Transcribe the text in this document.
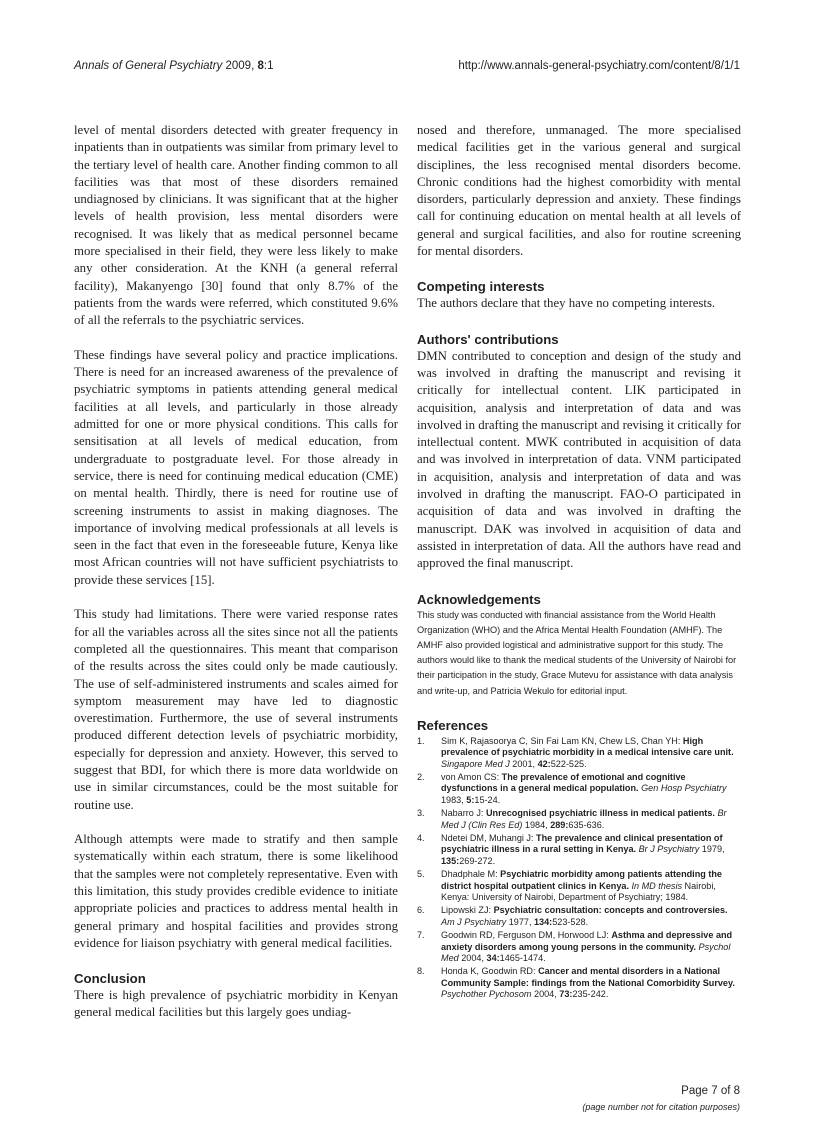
Annals of General Psychiatry 2009, 8:1	http://www.annals-general-psychiatry.com/content/8/1/1

level of mental disorders detected with greater frequency in inpatients than in outpatients was similar from primary level to the tertiary level of health care. Another finding common to all facilities was that most of these disorders remained undiagnosed by clinicians. It was significant that at the higher levels of health provision, less mental disorders were recognised. It was likely that as medical personnel became more specialised in their field, they were less likely to make any other consideration. At the KNH (a general referral facility), Makanyengo [30] found that only 8.7% of the patients from the wards were referred, which constituted 9.6% of all the referrals to the psychiatric services.

These findings have several policy and practice implications. There is need for an increased awareness of the prevalence of psychiatric symptoms in patients attending general medical facilities at all levels, and particularly in those already admitted for one or more physical conditions. This calls for sensitisation at all levels of medical education, from undergraduate to postgraduate level. For those already in service, there is need for continuing medical education (CME) on mental health. Thirdly, there is need for routine use of screening instruments to assist in making diagnoses. The importance of involving medical professionals at all levels is seen in the fact that even in the foreseeable future, Kenya like most African countries will not have sufficient psychiatrists to provide these services [15].

This study had limitations. There were varied response rates for all the variables across all the sites since not all the patients completed all the questionnaires. This meant that comparison of the results across the sites could only be made cautiously. The use of self-administered instruments and scales aimed for symptom measurement may have led to diagnostic overestimation. Furthermore, the use of several instruments produced different detection levels of psychiatric morbidity, especially for depression and anxiety. However, this served to suggest that BDI, for which there is more data worldwide on use in similar circumstances, could be the most suitable for routine use.

Although attempts were made to stratify and then sample systematically within each stratum, there is some likelihood that the samples were not completely representative. Even with this limitation, this study provides credible evidence to initiate appropriate policies and practices to address mental health in general primary and hospital facilities and provides strong evidence for liaison psychiatry with general medical facilities.

Conclusion

There is high prevalence of psychiatric morbidity in Kenyan general medical facilities but this largely goes undiag-

nosed and therefore, unmanaged. The more specialised medical facilities get in the various general and surgical disciplines, the less recognised mental disorders become. Chronic conditions had the highest comorbidity with mental disorders, particularly depression and anxiety. These findings call for continuing education on mental health at all levels of general and surgical facilities, and also for routine screening for mental disorders.
Competing interests
The authors declare that they have no competing interests.
Authors' contributions
DMN contributed to conception and design of the study and was involved in drafting the manuscript and revising it critically for intellectual content. LIK participated in acquisition, analysis and interpretation of data and was involved in drafting the manuscript and revising it critically for intellectual content. MWK contributed in acquisition of data and was involved in interpretation of data. VNM participated in acquisition, analysis and interpretation of data and was involved in drafting the manuscript. FAO-O participated in acquisition of data and was involved in drafting the manuscript. DAK was involved in acquisition of data and assisted in interpretation of data. All the authors have read and approved the final manuscript.
Acknowledgements
This study was conducted with financial assistance from the World Health Organization (WHO) and the Africa Mental Health Foundation (AMHF). The AMHF also provided logistical and administrative support for this study. The authors would like to thank the medical students of the University of Nairobi for their participation in the study, Grace Mutevu for assistance with data analysis and write-up, and Patricia Wekulo for editorial input.
References
1. Sim K, Rajasoorya C, Sin Fai Lam KN, Chew LS, Chan YH: High prevalence of psychiatric morbidity in a medical intensive care unit. Singapore Med J 2001, 42:522-525.
2. von Amon CS: The prevalence of emotional and cognitive dysfunctions in a general medical population. Gen Hosp Psychiatry 1983, 5:15-24.
3. Nabarro J: Unrecognised psychiatric illness in medical patients. Br Med J (Clin Res Ed) 1984, 289:635-636.
4. Ndetei DM, Muhangi J: The prevalence and clinical presentation of psychiatric illness in a rural setting in Kenya. Br J Psychiatry 1979, 135:269-272.
5. Dhadphale M: Psychiatric morbidity among patients attending the district hospital outpatient clinics in Kenya. In MD thesis Nairobi, Kenya: University of Nairobi, Department of Psychiatry; 1984.
6. Lipowski ZJ: Psychiatric consultation: concepts and controversies. Am J Psychiatry 1977, 134:523-528.
7. Goodwin RD, Ferguson DM, Horwood LJ: Asthma and depressive and anxiety disorders among young persons in the community. Psychol Med 2004, 34:1465-1474.
8. Honda K, Goodwin RD: Cancer and mental disorders in a National Community Sample: findings from the National Comorbidity Survey. Psychother Pychosom 2004, 73:235-242.
Page 7 of 8
(page number not for citation purposes)
